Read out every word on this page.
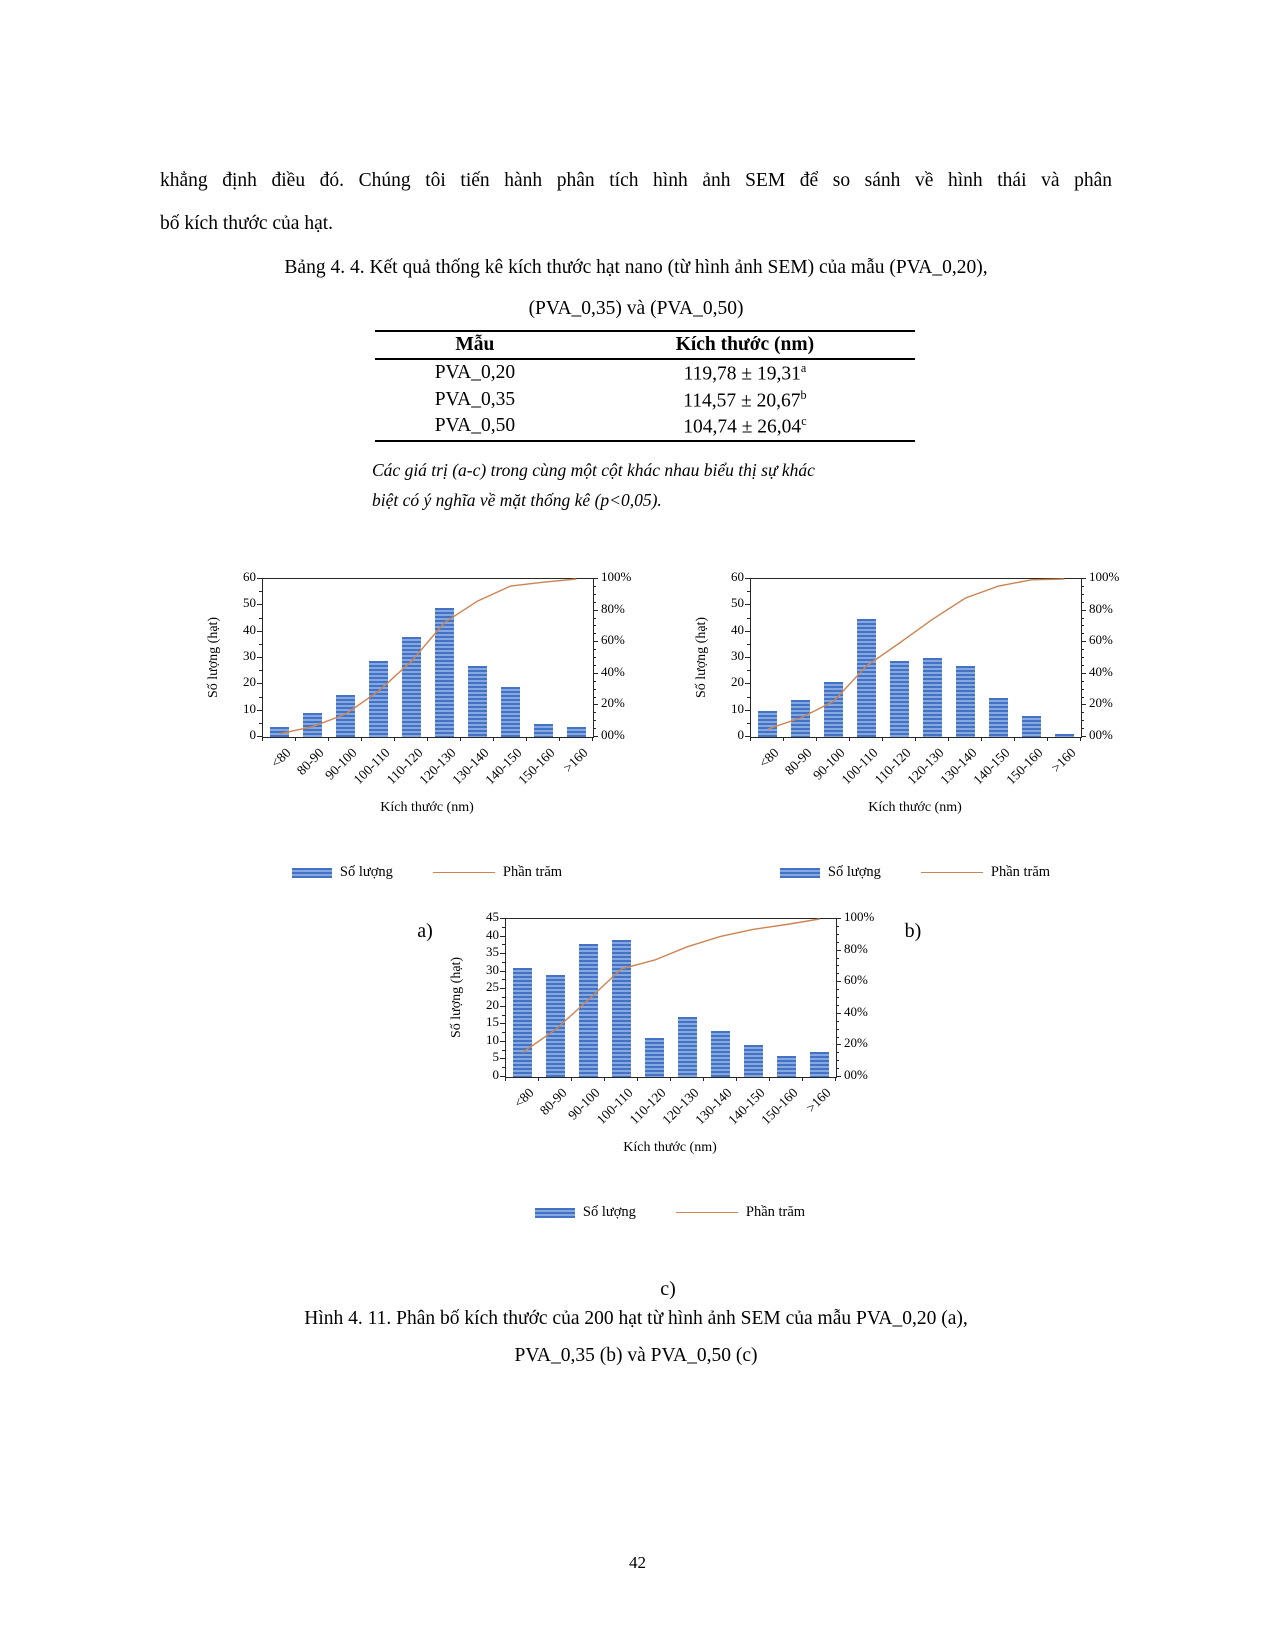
khẳng định điều đó. Chúng tôi tiến hành phân tích hình ảnh SEM để so sánh về hình thái và phân
bố kích thước của hạt.
Bảng 4. 4. Kết quả thống kê kích thước hạt nano (từ hình ảnh SEM) của mẫu (PVA_0,20),
(PVA_0,35) và (PVA_0,50)
Mẫu	Kích thước (nm)
PVA_0,20	119,78 ± 19,31$^a$
PVA_0,35	114,57 ± 20,67$^b$
PVA_0,50	104,74 ± 26,04$^c$
Các giá trị (a-c) trong cùng một cột khác nhau biểu thị sự khác
biệt có ý nghĩa về mặt thống kê (p<0,05).
Số lượng (hạt)
0
10
20
30
40
50
60	100%
80%
60%
40%
20%
00%
<80 80-90
90-100
100-110
110-120
120-130
130-140
140-150
150-160 >160
Kích thước (nm)
Số lượng	Phần trăm
Số lượng (hạt)
0
10
20
30
40
50
60	100%
80%
60%
40%
20%
00%
<80 80-90
90-100
100-110
110-120
120-130
130-140
140-150
150-160 >160
Kích thước (nm)
Số lượng	Phần trăm
Số lượng (hạt)
0
5
10
15
20
25
30
35
40
45	100%
80%
60%
40%
20%
00%
<80 80-90
90-100
100-110
110-120
120-130
130-140
140-150
150-160 >160
Kích thước (nm)
Số lượng	Phần trăm
a)	b)
c)
Hình 4. 11. Phân bố kích thước của 200 hạt từ hình ảnh SEM của mẫu PVA_0,20 (a),
PVA_0,35 (b) và PVA_0,50 (c)
42
